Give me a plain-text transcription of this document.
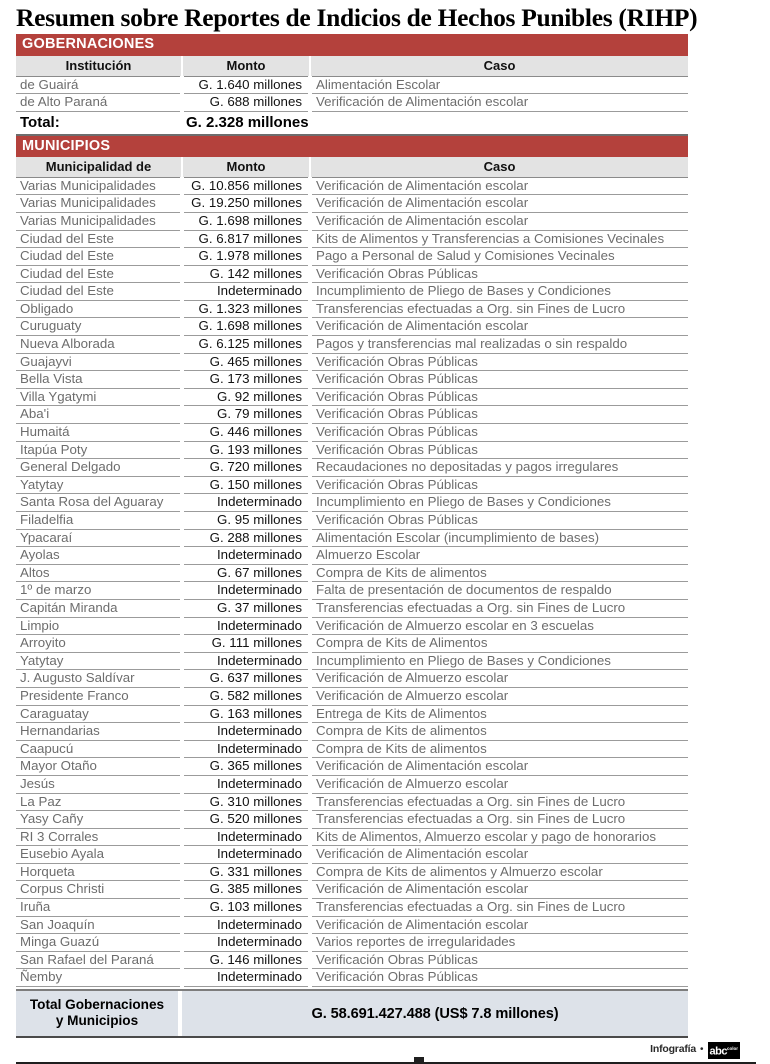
Resumen sobre Reportes de Indicios de Hechos Punibles (RIHP)
GOBERNACIONES
Institución	Monto	Caso
de Guairá	G. 1.640 millones	Alimentación Escolar
de Alto Paraná	G. 688 millones	Verificación de Alimentación escolar
Total:	G. 2.328 millones	
MUNICIPIOS
Municipalidad de	Monto	Caso
Varias Municipalidades	G. 10.856 millones	Verificación de Alimentación escolar
Varias Municipalidades	G. 19.250 millones	Verificación de Alimentación escolar
Varias Municipalidades	G. 1.698 millones	Verificación de Alimentación escolar
Ciudad del Este	G. 6.817 millones	Kits de Alimentos y Transferencias a Comisiones Vecinales
Ciudad del Este	G. 1.978 millones	Pago a Personal de Salud y Comisiones Vecinales
Ciudad del Este	G. 142 millones	Verificación Obras Públicas
Ciudad del Este	Indeterminado	Incumplimiento de Pliego de Bases y Condiciones
Obligado	G. 1.323 millones	Transferencias efectuadas a Org. sin Fines de Lucro
Curuguaty	G. 1.698 millones	Verificación de Alimentación escolar
Nueva Alborada	G. 6.125 millones	Pagos y transferencias mal realizadas o sin respaldo
Guajayvi	G. 465 millones	Verificación Obras Públicas
Bella Vista	G. 173 millones	Verificación Obras Públicas
Villa Ygatymi	G. 92 millones	Verificación Obras Públicas
Aba'i	G. 79 millones	Verificación Obras Públicas
Humaitá	G. 446 millones	Verificación Obras Públicas
Itapúa Poty	G. 193 millones	Verificación Obras Públicas
General Delgado	G. 720 millones	Recaudaciones no depositadas y pagos irregulares
Yatytay	G. 150 millones	Verificación Obras Públicas
Santa Rosa del Aguaray	Indeterminado	Incumplimiento en Pliego de Bases y Condiciones
Filadelfia	G. 95 millones	Verificación Obras Públicas
Ypacaraí	G. 288 millones	Alimentación Escolar (incumplimiento de bases)
Ayolas	Indeterminado	Almuerzo Escolar
Altos	G. 67 millones	Compra de Kits de alimentos
1º de marzo	Indeterminado	Falta de presentación de documentos de respaldo
Capitán Miranda	G. 37 millones	Transferencias efectuadas a Org. sin Fines de Lucro
Limpio	Indeterminado	Verificación de Almuerzo escolar en 3 escuelas
Arroyito	G. 111 millones	Compra de Kits de Alimentos
Yatytay	Indeterminado	Incumplimiento en Pliego de Bases y Condiciones
J. Augusto Saldívar	G. 637 millones	Verificación de Almuerzo escolar
Presidente Franco	G. 582 millones	Verificación de Almuerzo escolar
Caraguatay	G. 163 millones	Entrega de Kits de Alimentos
Hernandarias	Indeterminado	Compra de Kits de alimentos
Caapucú	Indeterminado	Compra de Kits de alimentos
Mayor Otaño	G. 365 millones	Verificación de Alimentación escolar
Jesús	Indeterminado	Verificación de Almuerzo escolar
La Paz	G. 310 millones	Transferencias efectuadas a Org. sin Fines de Lucro
Yasy Cañy	G. 520 millones	Transferencias efectuadas a Org. sin Fines de Lucro
RI 3 Corrales	Indeterminado	Kits de Alimentos, Almuerzo escolar y pago de honorarios
Eusebio Ayala	Indeterminado	Verificación de Alimentación escolar
Horqueta	G. 331 millones	Compra de Kits de alimentos y Almuerzo escolar
Corpus Christi	G. 385 millones	Verificación de Alimentación escolar
Iruña	G. 103 millones	Transferencias efectuadas a Org. sin Fines de Lucro
San Joaquín	Indeterminado	Verificación de Alimentación escolar
Minga Guazú	Indeterminado	Varios reportes de irregularidades
San Rafael del Paraná	G. 146 millones	Verificación Obras Públicas
Ñemby	Indeterminado	Verificación Obras Públicas
Total Gobernaciones
y Municipios	G. 58.691.427.488 (US$ 7.8 millones)
Infografía • abc$^{color}$
